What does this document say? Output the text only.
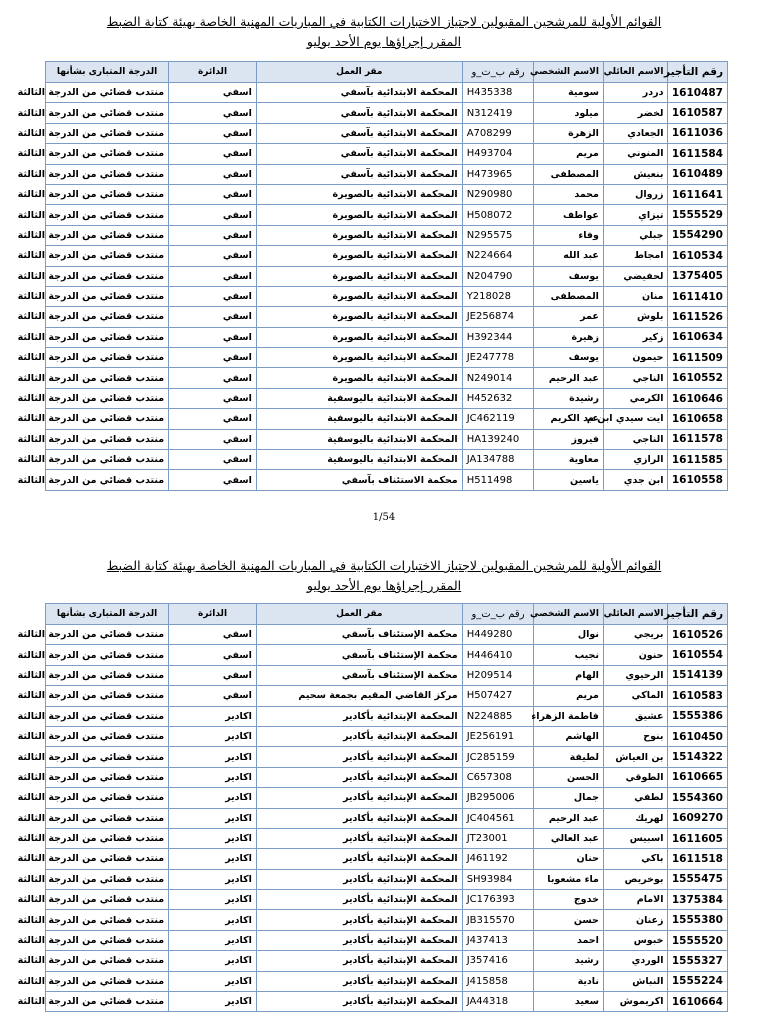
القوائم الأولية للمرشحين المقبولين لاجتياز الاختبارات الكتابية في المباريات المهنية الخاصة بهيئة كتابة الضبط
المقرر إجراؤها يوم الأحد يوليو
رقم التأجير	الاسم العائلي	الاسم الشخصي	رقم ب_ت_و	مقر العمل	الدائرة	الدرجة المتبارى بشأنها
1610487	دردر	سومية	H435338	المحكمة الابتدائية بآسفي	اسفي	منتدب قضائي من الدرجة الثالثة
1610587	لخضر	ميلود	N312419	المحكمة الابتدائية بآسفي	اسفي	منتدب قضائي من الدرجة الثالثة
1611036	الجعادي	الزهرة	A708299	المحكمة الابتدائية بآسفي	اسفي	منتدب قضائي من الدرجة الثالثة
1611584	المنوني	مريم	H493704	المحكمة الابتدائية بآسفي	اسفي	منتدب قضائي من الدرجة الثالثة
1610489	بنعيش	المصطفى	H473965	المحكمة الابتدائية بآسفي	اسفي	منتدب قضائي من الدرجة الثالثة
1611641	زروال	محمد	N290980	المحكمة الابتدائية بالصويرة	اسفي	منتدب قضائي من الدرجة الثالثة
1555529	تيزاي	عواطف	H508072	المحكمة الابتدائية بالصويرة	اسفي	منتدب قضائي من الدرجة الثالثة
1554290	جبلي	وفاء	N295575	المحكمة الابتدائية بالصويرة	اسفي	منتدب قضائي من الدرجة الثالثة
1610534	امجاط	عبد الله	N224664	المحكمة الابتدائية بالصويرة	اسفي	منتدب قضائي من الدرجة الثالثة
1375405	لحفيضي	يوسف	N204790	المحكمة الابتدائية بالصويرة	اسفي	منتدب قضائي من الدرجة الثالثة
1611410	منان	المصطفى	Y218028	المحكمة الابتدائية بالصويرة	اسفي	منتدب قضائي من الدرجة الثالثة
1611526	بلوش	عمر	JE256874	المحكمة الابتدائية بالصويرة	اسفي	منتدب قضائي من الدرجة الثالثة
1610634	زكير	زهيرة	H392344	المحكمة الابتدائية بالصويرة	اسفي	منتدب قضائي من الدرجة الثالثة
1611509	حيمون	يوسف	JE247778	المحكمة الابتدائية بالصويرة	اسفي	منتدب قضائي من الدرجة الثالثة
1610552	الناجي	عبد الرحيم	N249014	المحكمة الابتدائية بالصويرة	اسفي	منتدب قضائي من الدرجة الثالثة
1610646	الكرمي	رشيدة	H452632	المحكمة الابتدائية باليوسفية	اسفي	منتدب قضائي من الدرجة الثالثة
1610658	ايت سيدي ابن م	عبد الكريم	JC462119	المحكمة الابتدائية باليوسفية	اسفي	منتدب قضائي من الدرجة الثالثة
1611578	الناجي	فيروز	HA139240	المحكمة الابتدائية باليوسفية	اسفي	منتدب قضائي من الدرجة الثالثة
1611585	الرازي	معاوية	JA134788	المحكمة الابتدائية باليوسفية	اسفي	منتدب قضائي من الدرجة الثالثة
1610558	ابن جدي	ياسين	H511498	محكمة الاستئناف بآسفي	اسفي	منتدب قضائي من الدرجة الثالثة
1/54
القوائم الأولية للمرشحين المقبولين لاجتياز الاختبارات الكتابية في المباريات المهنية الخاصة بهيئة كتابة الضبط
المقرر إجراؤها يوم الأحد يوليو
رقم التأجير	الاسم العائلي	الاسم الشخصي	رقم ب_ت_و	مقر العمل	الدائرة	الدرجة المتبارى بشأنها
1610526	بريجي	نوال	H449280	محكمة الإستئناف بآسفي	اسفي	منتدب قضائي من الدرجة الثالثة
1610554	حنون	نجيب	H446410	محكمة الإستئناف بآسفي	اسفي	منتدب قضائي من الدرجة الثالثة
1514139	الرحيوي	الهام	H209514	محكمة الإستئناف بآسفي	اسفي	منتدب قضائي من الدرجة الثالثة
1610583	الماكي	مريم	H507427	مركز القاضي المقيم بجمعة سحيم	اسفي	منتدب قضائي من الدرجة الثالثة
1555386	عشيق	فاطمة الزهراء	N224885	المحكمة الإبتدائية بأكادير	اكادير	منتدب قضائي من الدرجة الثالثة
1610450	بنوح	الهاشم	JE256191	المحكمة الإبتدائية بأكادير	اكادير	منتدب قضائي من الدرجة الثالثة
1514322	بن العياش	لطيفة	JC285159	المحكمة الإبتدائية بأكادير	اكادير	منتدب قضائي من الدرجة الثالثة
1610665	الطوقي	الحسن	C657308	المحكمة الإبتدائية بأكادير	اكادير	منتدب قضائي من الدرجة الثالثة
1554360	لطفي	جمال	JB295006	المحكمة الإبتدائية بأكادير	اكادير	منتدب قضائي من الدرجة الثالثة
1609270	لهريك	عبد الرحيم	JC404561	المحكمة الإبتدائية بأكادير	اكادير	منتدب قضائي من الدرجة الثالثة
1611605	اسبيس	عبد العالي	JT23001	المحكمة الإبتدائية بأكادير	اكادير	منتدب قضائي من الدرجة الثالثة
1611518	باكي	حنان	J461192	المحكمة الإبتدائية بأكادير	اكادير	منتدب قضائي من الدرجة الثالثة
1555475	بوخريص	ماء مشعوبا	SH93984	المحكمة الإبتدائية بأكادير	اكادير	منتدب قضائي من الدرجة الثالثة
1375384	الامام	خدوج	JC176393	المحكمة الإبتدائية بأكادير	اكادير	منتدب قضائي من الدرجة الثالثة
1555380	زعنان	حسن	JB315570	المحكمة الإبتدائية بأكادير	اكادير	منتدب قضائي من الدرجة الثالثة
1555520	خبوس	احمد	J437413	المحكمة الإبتدائية بأكادير	اكادير	منتدب قضائي من الدرجة الثالثة
1555327	الوردي	رشيد	J357416	المحكمة الإبتدائية بأكادير	اكادير	منتدب قضائي من الدرجة الثالثة
1555224	النباش	نادية	J415858	المحكمة الإبتدائية بأكادير	اكادير	منتدب قضائي من الدرجة الثالثة
1610664	اكريموش	سعيد	JA44318	المحكمة الإبتدائية بأكادير	اكادير	منتدب قضائي من الدرجة الثالثة
